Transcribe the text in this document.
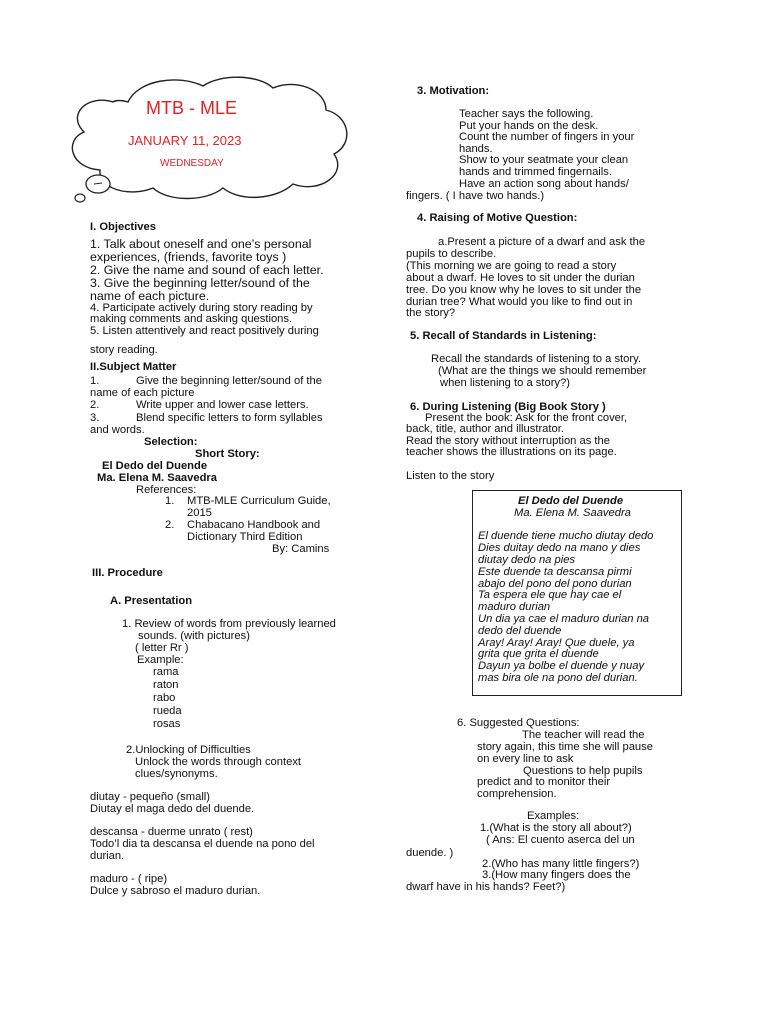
MTB - MLE
JANUARY 11, 2023
WEDNESDAY
I. Objectives
1. Talk about oneself and one’s personal
experiences, (friends, favorite toys )
2. Give the name and sound of each letter.
3. Give the beginning letter/sound of the
name of each picture.
4. Participate actively during story reading by
making comments and asking questions.
5. Listen attentively and react positively during
story reading.
II.Subject Matter
1.	Give the beginning letter/sound of the
name of each picture
2.	Write upper and lower case letters.
3.	Blend specific letters to form syllables
and words.
Selection:
Short Story:
El Dedo del Duende
Ma. Elena M. Saavedra
References:
1. MTB-MLE Curriculum Guide,
2015
2. Chabacano Handbook and
Dictionary Third Edition
By: Camins
III. Procedure
A. Presentation
1. Review of words from previously learned
sounds. (with pictures)
( letter Rr )
Example:
rama
raton
rabo
rueda
rosas
2.Unlocking of Difficulties
Unlock the words through context
clues/synonyms.
diutay - pequeño (small)
Diutay el maga dedo del duende.
descansa - duerme unrato ( rest)
Todo’l dia ta descansa el duende na pono del
durian.
maduro - ( ripe)
Dulce y sabroso el maduro durian.
3. Motivation:
Teacher says the following.
Put your hands on the desk.
Count the number of fingers in your
hands.
Show to your seatmate your clean
hands and trimmed fingernails.
Have an action song about hands/
fingers. ( I have two hands.)
4. Raising of Motive Question:
a.Present a picture of a dwarf and ask the
pupils to describe.
(This morning we are going to read a story
about a dwarf. He loves to sit under the durian
tree. Do you know why he loves to sit under the
durian tree? What would you like to find out in
the story?
5. Recall of Standards in Listening:
Recall the standards of listening to a story.
(What are the things we should remember
when listening to a story?)
6. During Listening (Big Book Story )
Present the book: Ask for the front cover,
back, title, author and illustrator.
Read the story without interruption as the
teacher shows the illustrations on its page.
Listen to the story
El Dedo del Duende
Ma. Elena M. Saavedra
El duende tiene mucho diutay dedo
Dies duitay dedo na mano y dies
diutay dedo na pies
Este duende ta descansa pirmi
abajo del pono del pono durian
Ta espera ele que hay cae el
maduro durian
Un dia ya cae el maduro durian na
dedo del duende
Aray! Aray! Aray! Que duele, ya
grita que grita el duende
Dayun ya bolbe el duende y nuay
mas bira ole na pono del durian.
6. Suggested Questions:
The teacher will read the
story again, this time she will pause
on every line to ask
Questions to help pupils
predict and to monitor their
comprehension.
Examples:
1.(What is the story all about?)
( Ans: El cuento aserca del un
duende. )
2.(Who has many little fingers?)
3.(How many fingers does the
dwarf have in his hands? Feet?)
